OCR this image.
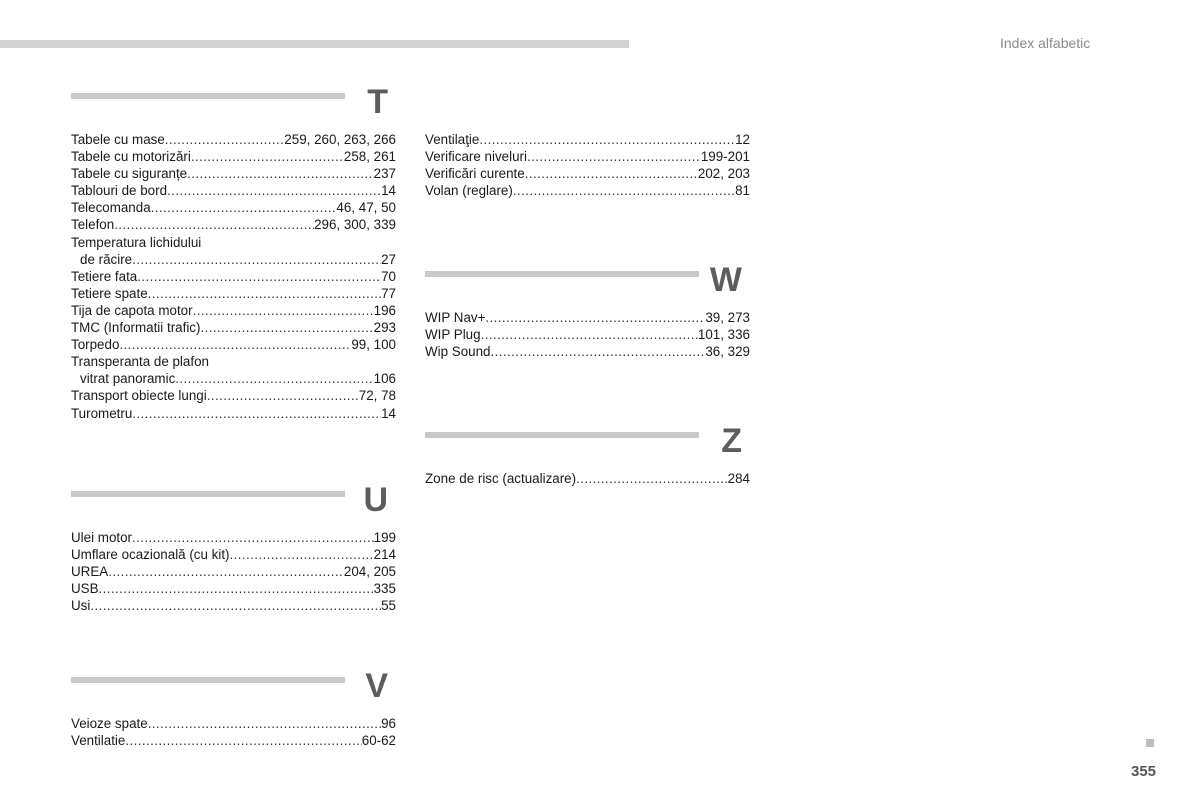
Index alfabetic
T
Tabele cu mase .....	259, 260, 263, 266
Tabele cu motorizări .....	258, 261
Tabele cu siguranțe .....	237
Tablouri de bord .....	14
Telecomanda .....	46, 47, 50
Telefon .....	296, 300, 339
Temperatura lichidului
de răcire .....	27
Tetiere fata .....	70
Tetiere spate .....	77
Tija de capota motor .....	196
TMC (Informatii trafic) .....	293
Torpedo .....	99, 100
Transperanta de plafon
vitrat panoramic .....	106
Transport obiecte lungi .....	72, 78
Turometru .....	14
U
Ulei motor .....	199
Umflare ocazională (cu kit) .....	214
UREA .....	204, 205
USB .....	335
Usi .....	55
V
Veioze spate .....	96
Ventilatie .....	60-62
Ventilaţie .....	12
Verificare niveluri .....	199-201
Verificări curente .....	202, 203
Volan (reglare) .....	81
W
WIP Nav+ .....	39, 273
WIP Plug .....	101, 336
Wip Sound .....	36, 329
Z
Zone de risc (actualizare) .....	284
355
